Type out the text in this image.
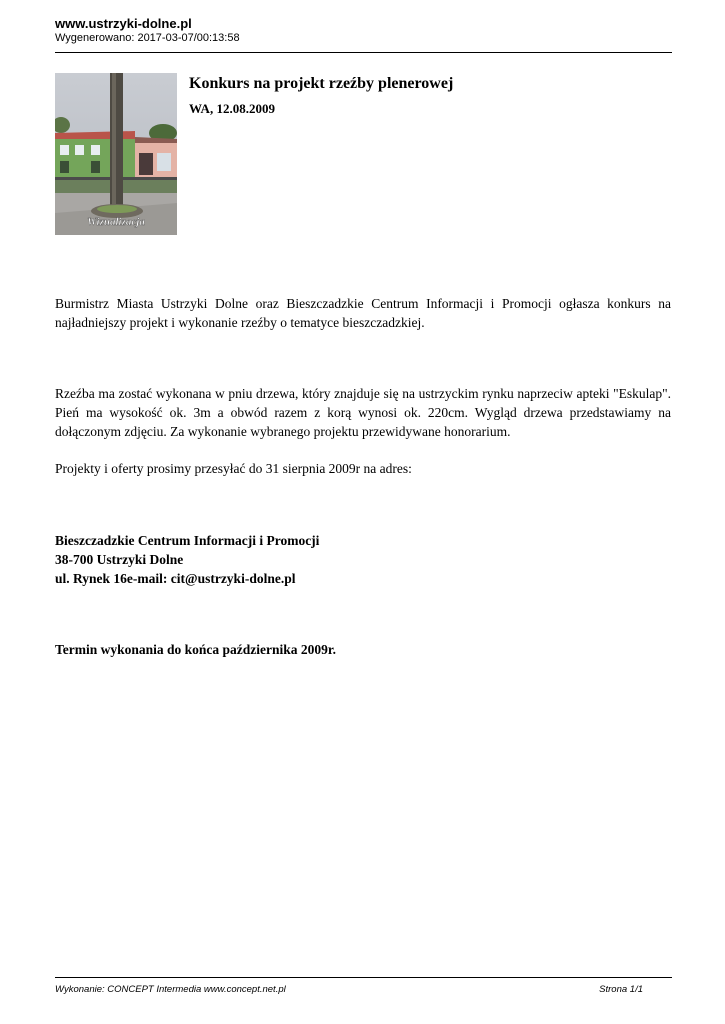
www.ustrzyki-dolne.pl
Wygenerowano: 2017-03-07/00:13:58
Wizualizacja
Konkurs na projekt rzeźby plenerowej
WA, 12.08.2009
Burmistrz Miasta Ustrzyki Dolne oraz Bieszczadzkie Centrum Informacji i Promocji ogłasza konkurs na najładniejszy projekt i wykonanie rzeźby o tematyce bieszczadzkiej.
Rzeźba ma zostać wykonana w pniu drzewa, który znajduje się na ustrzyckim rynku naprzeciw apteki "Eskulap". Pień ma wysokość ok. 3m a obwód razem z korą wynosi ok. 220cm. Wygląd drzewa przedstawiamy na dołączonym zdjęciu. Za wykonanie wybranego projektu przewidywane honorarium.
Projekty i oferty prosimy przesyłać do 31 sierpnia 2009r na adres:
Bieszczadzkie Centrum Informacji i Promocji
38-700 Ustrzyki Dolne
ul. Rynek 16e-mail: cit@ustrzyki-dolne.pl
Termin wykonania do końca października 2009r.
Wykonanie: CONCEPT Intermedia www.concept.net.pl	Strona 1/1
